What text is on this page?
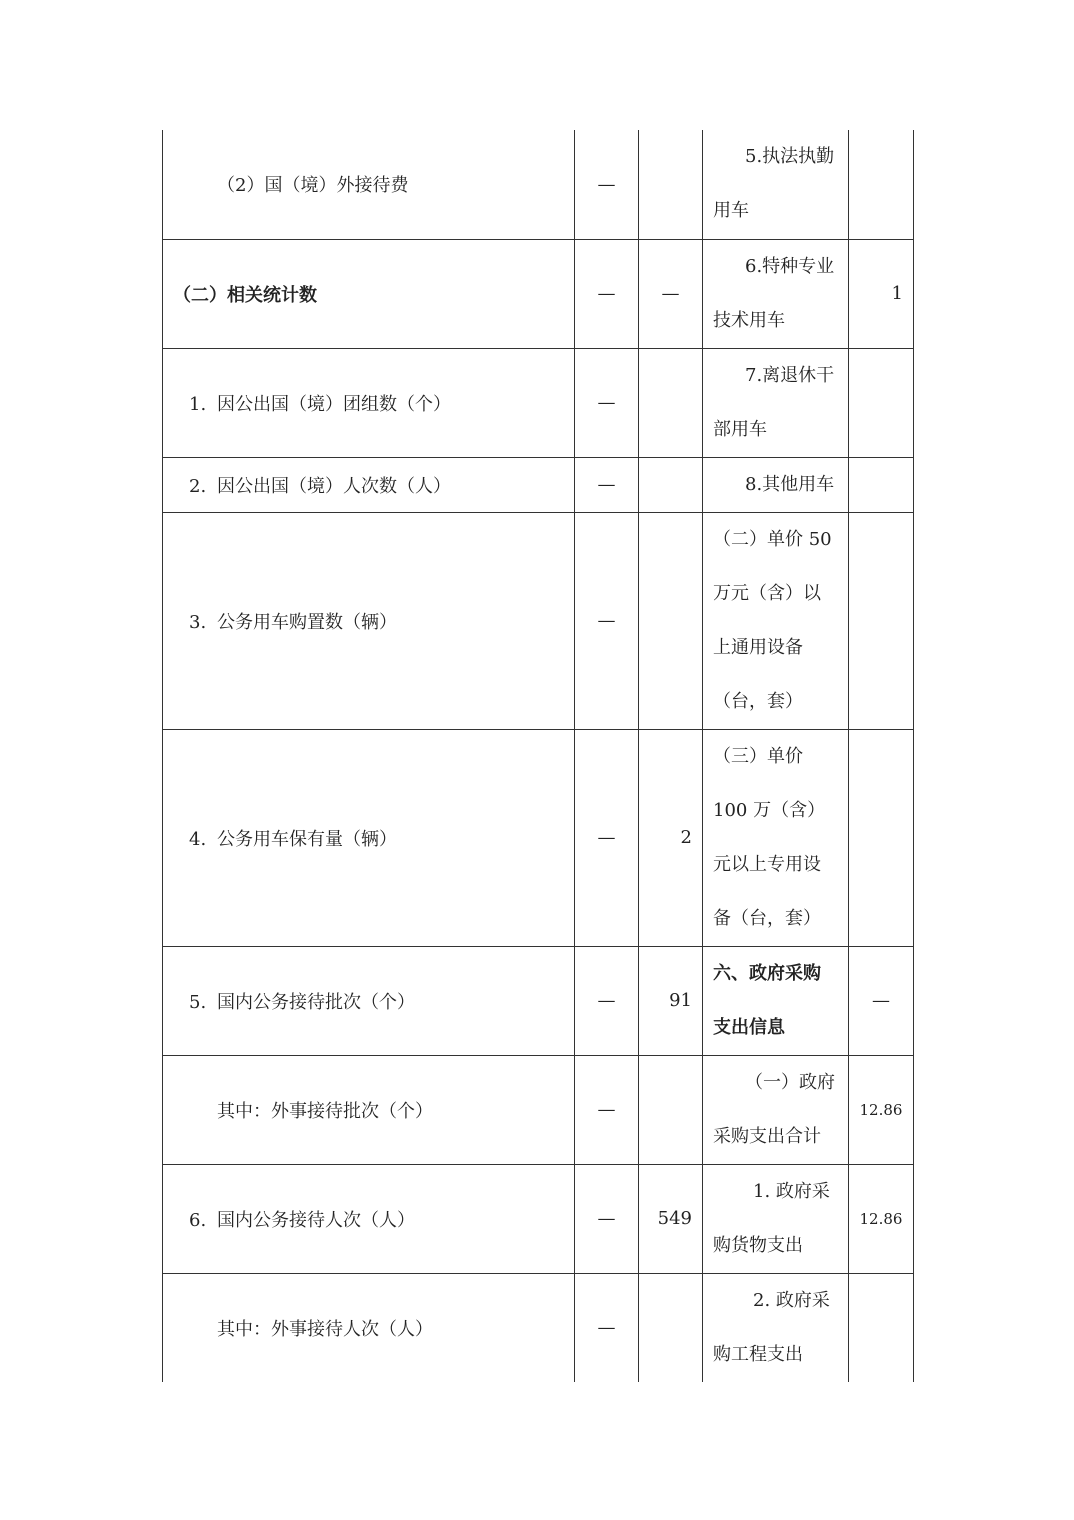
（2）国（境）外接待费	—		5.执法执勤用车	
（二）相关统计数	—	—	6.特种专业技术用车	1
1. 因公出国（境）团组数（个）	—		7.离退休干部用车	
2. 因公出国（境）人次数（人）	—		8.其他用车	
3. 公务用车购置数（辆）	—		（二）单价 50 万元（含）以上通用设备（台，套）	
4. 公务用车保有量（辆）	—	2	（三）单价 100 万（含）元以上专用设备（台，套）	
5. 国内公务接待批次（个）	—	91	六、政府采购支出信息	—
其中：外事接待批次（个）	—		（一）政府采购支出合计	12.86
6. 国内公务接待人次（人）	—	549	1. 政府采购货物支出	12.86
其中：外事接待人次（人）	—		2. 政府采购工程支出	
